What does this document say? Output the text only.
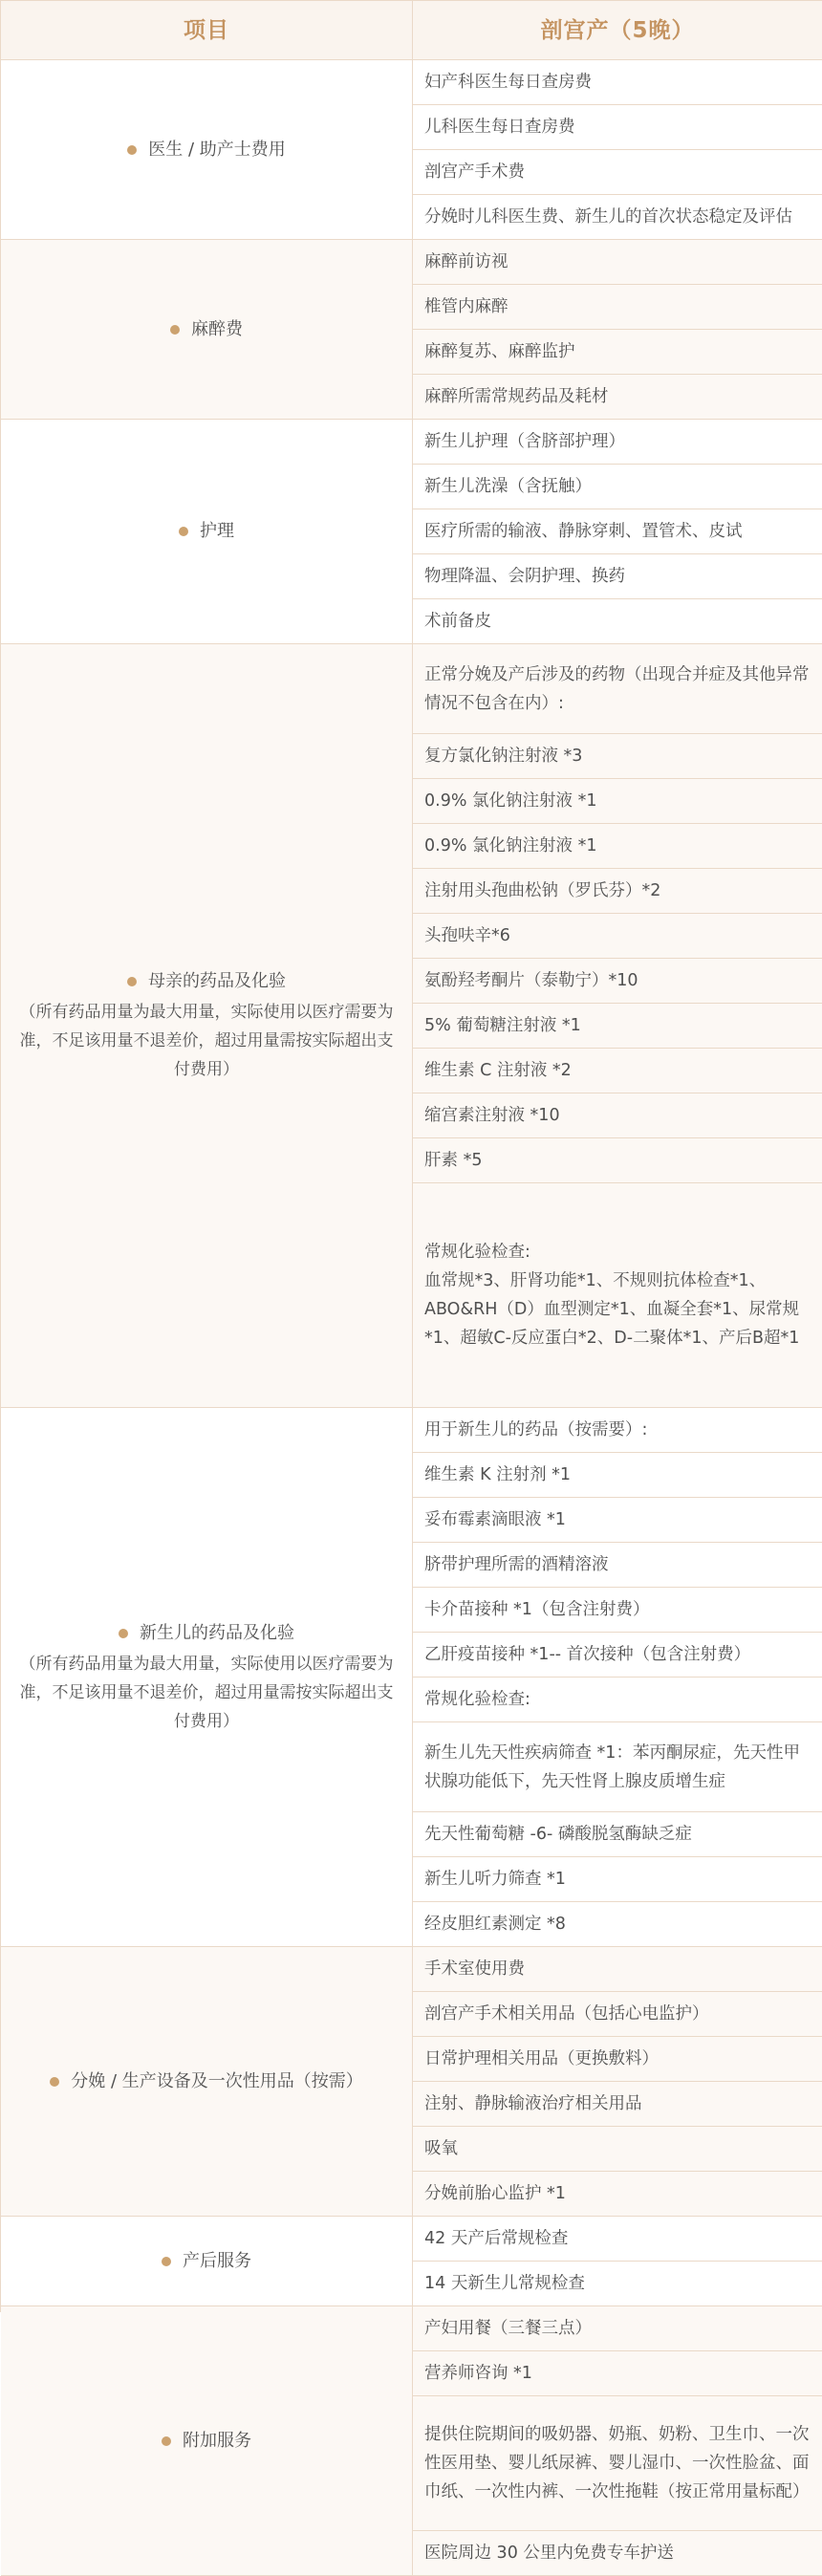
项目	剖宫产（5晚）
医生 / 助产士费用
妇产科医生每日查房费
儿科医生每日查房费
剖宫产手术费
分娩时儿科医生费、新生儿的首次状态稳定及评估
麻醉费
麻醉前访视
椎管内麻醉
麻醉复苏、麻醉监护
麻醉所需常规药品及耗材
护理
新生儿护理（含脐部护理）
新生儿洗澡（含抚触）
医疗所需的输液、静脉穿刺、置管术、皮试
物理降温、会阴护理、换药
术前备皮
母亲的药品及化验
（所有药品用量为最大用量，实际使用以医疗需要为准，不足该用量不退差价，超过用量需按实际超出支付费用）
正常分娩及产后涉及的药物（出现合并症及其他异常情况不包含在内）:
复方氯化钠注射液 *3
0.9% 氯化钠注射液 *1
0.9% 氯化钠注射液 *1
注射用头孢曲松钠（罗氏芬）*2
头孢呋辛*6
氨酚羟考酮片（泰勒宁）*10
5% 葡萄糖注射液 *1
维生素 C 注射液 *2
缩宫素注射液 *10
肝素 *5
常规化验检查:
血常规*3、肝肾功能*1、不规则抗体检查*1、ABO&RH（D）血型测定*1、血凝全套*1、尿常规*1、超敏C-反应蛋白*2、D-二聚体*1、产后B超*1
新生儿的药品及化验
（所有药品用量为最大用量，实际使用以医疗需要为准，不足该用量不退差价，超过用量需按实际超出支付费用）
用于新生儿的药品（按需要）:
维生素 K 注射剂 *1
妥布霉素滴眼液 *1
脐带护理所需的酒精溶液
卡介苗接种 *1（包含注射费）
乙肝疫苗接种 *1-- 首次接种（包含注射费）
常规化验检查:
新生儿先天性疾病筛查 *1：苯丙酮尿症，先天性甲状腺功能低下，先天性肾上腺皮质增生症
先天性葡萄糖 -6- 磷酸脱氢酶缺乏症
新生儿听力筛查 *1
经皮胆红素测定 *8
分娩 / 生产设备及一次性用品（按需）
手术室使用费
剖宫产手术相关用品（包括心电监护）
日常护理相关用品（更换敷料）
注射、静脉输液治疗相关用品
吸氧
分娩前胎心监护 *1
产后服务
42 天产后常规检查
14 天新生儿常规检查
附加服务
产妇用餐（三餐三点）
营养师咨询 *1
提供住院期间的吸奶器、奶瓶、奶粉、卫生巾、一次性医用垫、婴儿纸尿裤、婴儿湿巾、一次性脸盆、面巾纸、一次性内裤、一次性拖鞋（按正常用量标配）
医院周边 30 公里内免费专车护送
